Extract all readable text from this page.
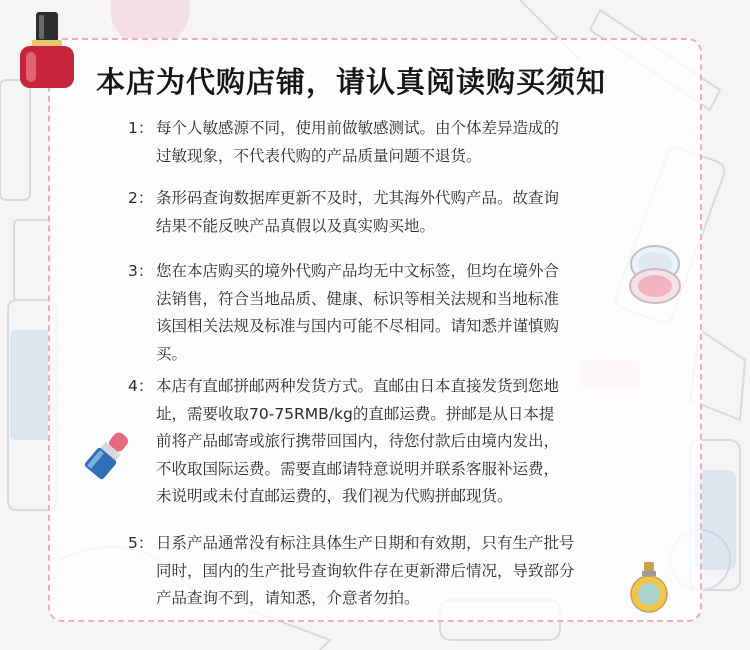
本店为代购店铺，请认真阅读购买须知
1： 每个人敏感源不同，使用前做敏感测试。由个体差异造成的
过敏现象，不代表代购的产品质量问题不退货。
2： 条形码查询数据库更新不及时，尤其海外代购产品。故查询
结果不能反映产品真假以及真实购买地。
3： 您在本店购买的境外代购产品均无中文标签，但均在境外合
法销售，符合当地品质、健康、标识等相关法规和当地标准
该国相关法规及标准与国内可能不尽相同。请知悉并谨慎购
买。
4： 本店有直邮拼邮两种发货方式。直邮由日本直接发货到您地
址，需要收取70-75RMB/kg的直邮运费。拼邮是从日本提
前将产品邮寄或旅行携带回国内，待您付款后由境内发出，
不收取国际运费。需要直邮请特意说明并联系客服补运费，
未说明或未付直邮运费的，我们视为代购拼邮现货。
5： 日系产品通常没有标注具体生产日期和有效期，只有生产批号
同时，国内的生产批号查询软件存在更新滞后情况，导致部分
产品查询不到，请知悉，介意者勿拍。
